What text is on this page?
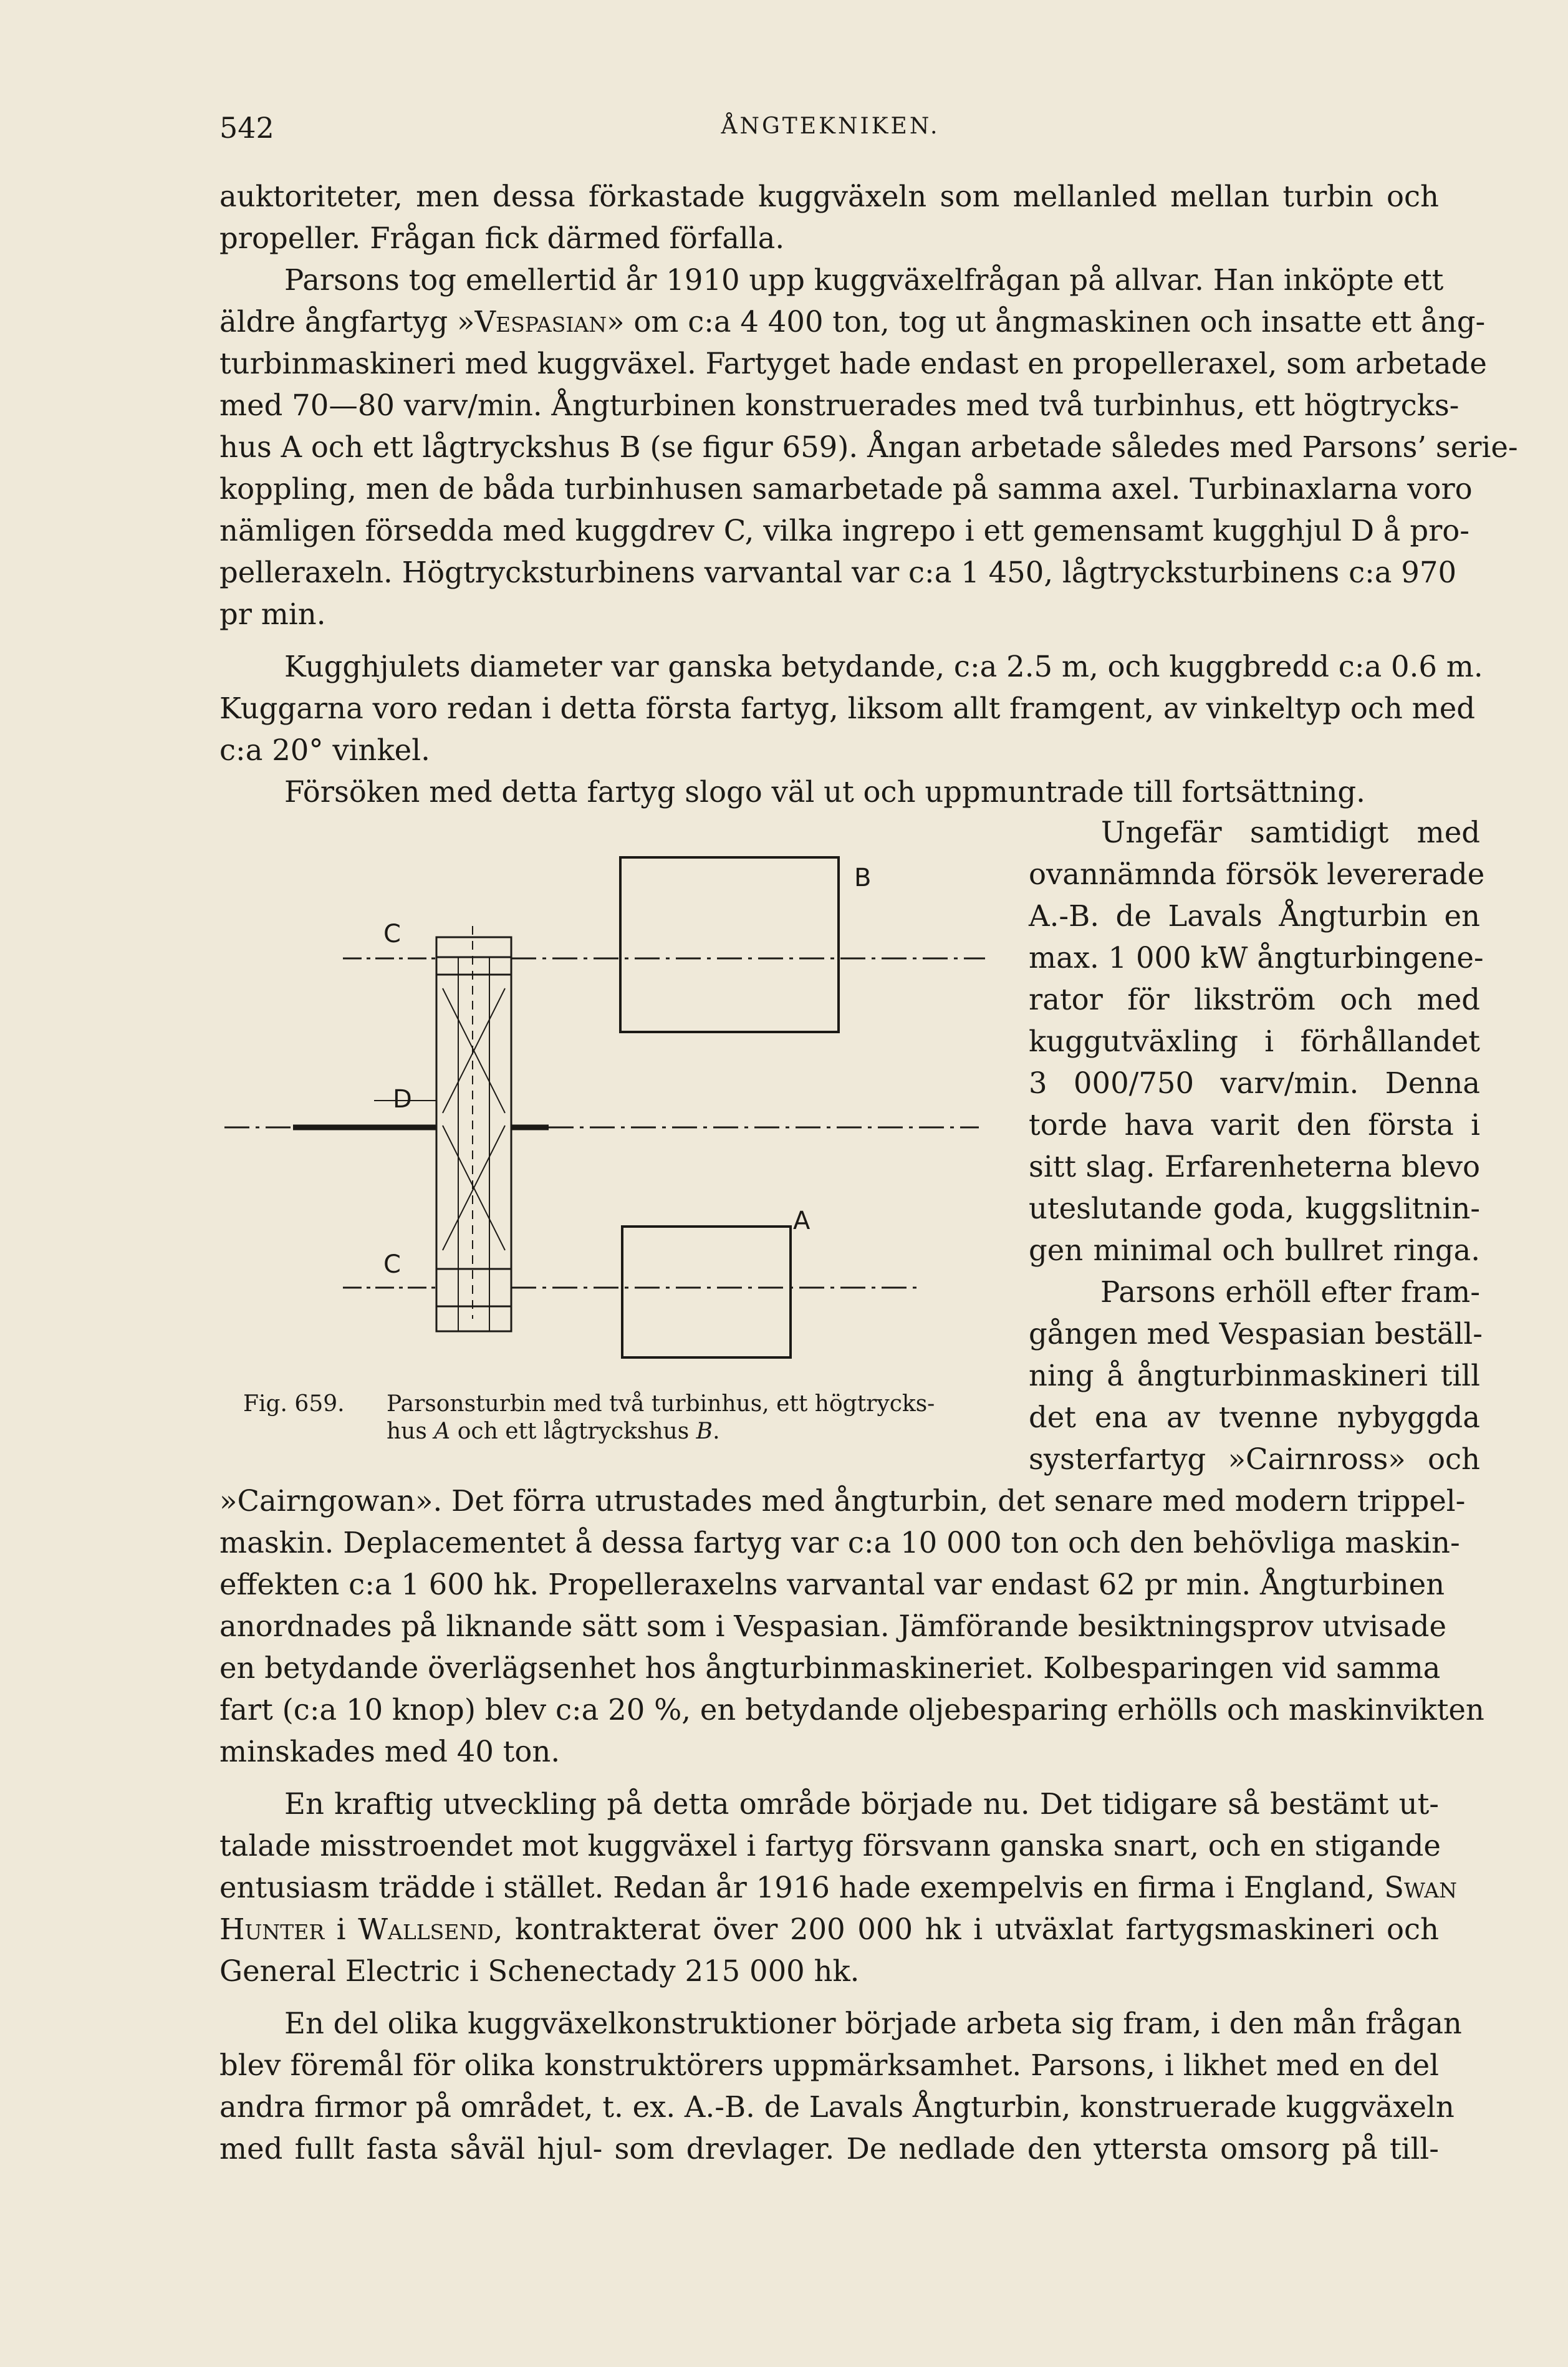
542	ÅNGTEKNIKEN.
auktoriteter, men dessa förkastade kuggväxeln som mellanled mellan turbin och
propeller. Frågan fick därmed förfalla.
Parsons tog emellertid år 1910 upp kuggväxelfrågan på allvar. Han inköpte ett
äldre ångfartyg »Vespasian» om c:a 4 400 ton, tog ut ångmaskinen och insatte ett ång-
turbinmaskineri med kuggväxel. Fartyget hade endast en propelleraxel, som arbetade
med 70—80 varv/min. Ångturbinen konstruerades med två turbinhus, ett högtrycks-
hus A och ett lågtryckshus B (se figur 659). Ångan arbetade således med Parsons’ serie-
koppling, men de båda turbinhusen samarbetade på samma axel. Turbinaxlarna voro
nämligen försedda med kuggdrev C, vilka ingrepo i ett gemensamt kugghjul D å pro-
pelleraxeln. Högtrycksturbinens varvantal var c:a 1 450, lågtrycksturbinens c:a 970
pr min.
Kugghjulets diameter var ganska betydande, c:a 2.5 m, och kuggbredd c:a 0.6 m.
Kuggarna voro redan i detta första fartyg, liksom allt framgent, av vinkeltyp och med
c:a 20° vinkel.
Försöken med detta fartyg slogo väl ut och uppmuntrade till fortsättning.
Ungefär samtidigt med
ovannämnda försök levererade
A.-B. de Lavals Ångturbin en
max. 1 000 kW ångturbingene-
rator för likström och med
kuggutväxling i förhållandet
3 000/750 varv/min. Denna
torde hava varit den första i
sitt slag. Erfarenheterna blevo
uteslutande goda, kuggslitnin-
gen minimal och bullret ringa.
Parsons erhöll efter fram-
gången med Vespasian beställ-
ning å ångturbinmaskineri till
det ena av tvenne nybyggda
systerfartyg »Cairnross» och
B
C
D
A
C
Fig. 659. Parsonsturbin med två turbinhus, ett högtrycks-
hus A och ett lågtryckshus B.
»Cairngowan». Det förra utrustades med ångturbin, det senare med modern trippel-
maskin. Deplacementet å dessa fartyg var c:a 10 000 ton och den behövliga maskin-
effekten c:a 1 600 hk. Propelleraxelns varvantal var endast 62 pr min. Ångturbinen
anordnades på liknande sätt som i Vespasian. Jämförande besiktningsprov utvisade
en betydande överlägsenhet hos ångturbinmaskineriet. Kolbesparingen vid samma
fart (c:a 10 knop) blev c:a 20 %, en betydande oljebesparing erhölls och maskinvikten
minskades med 40 ton.
En kraftig utveckling på detta område började nu. Det tidigare så bestämt ut-
talade misstroendet mot kuggväxel i fartyg försvann ganska snart, och en stigande
entusiasm trädde i stället. Redan år 1916 hade exempelvis en firma i England, Swan
Hunter i Wallsend, kontrakterat över 200 000 hk i utväxlat fartygsmaskineri och
General Electric i Schenectady 215 000 hk.
En del olika kuggväxelkonstruktioner började arbeta sig fram, i den mån frågan
blev föremål för olika konstruktörers uppmärksamhet. Parsons, i likhet med en del
andra firmor på området, t. ex. A.-B. de Lavals Ångturbin, konstruerade kuggväxeln
med fullt fasta såväl hjul- som drevlager. De nedlade den yttersta omsorg på till-
